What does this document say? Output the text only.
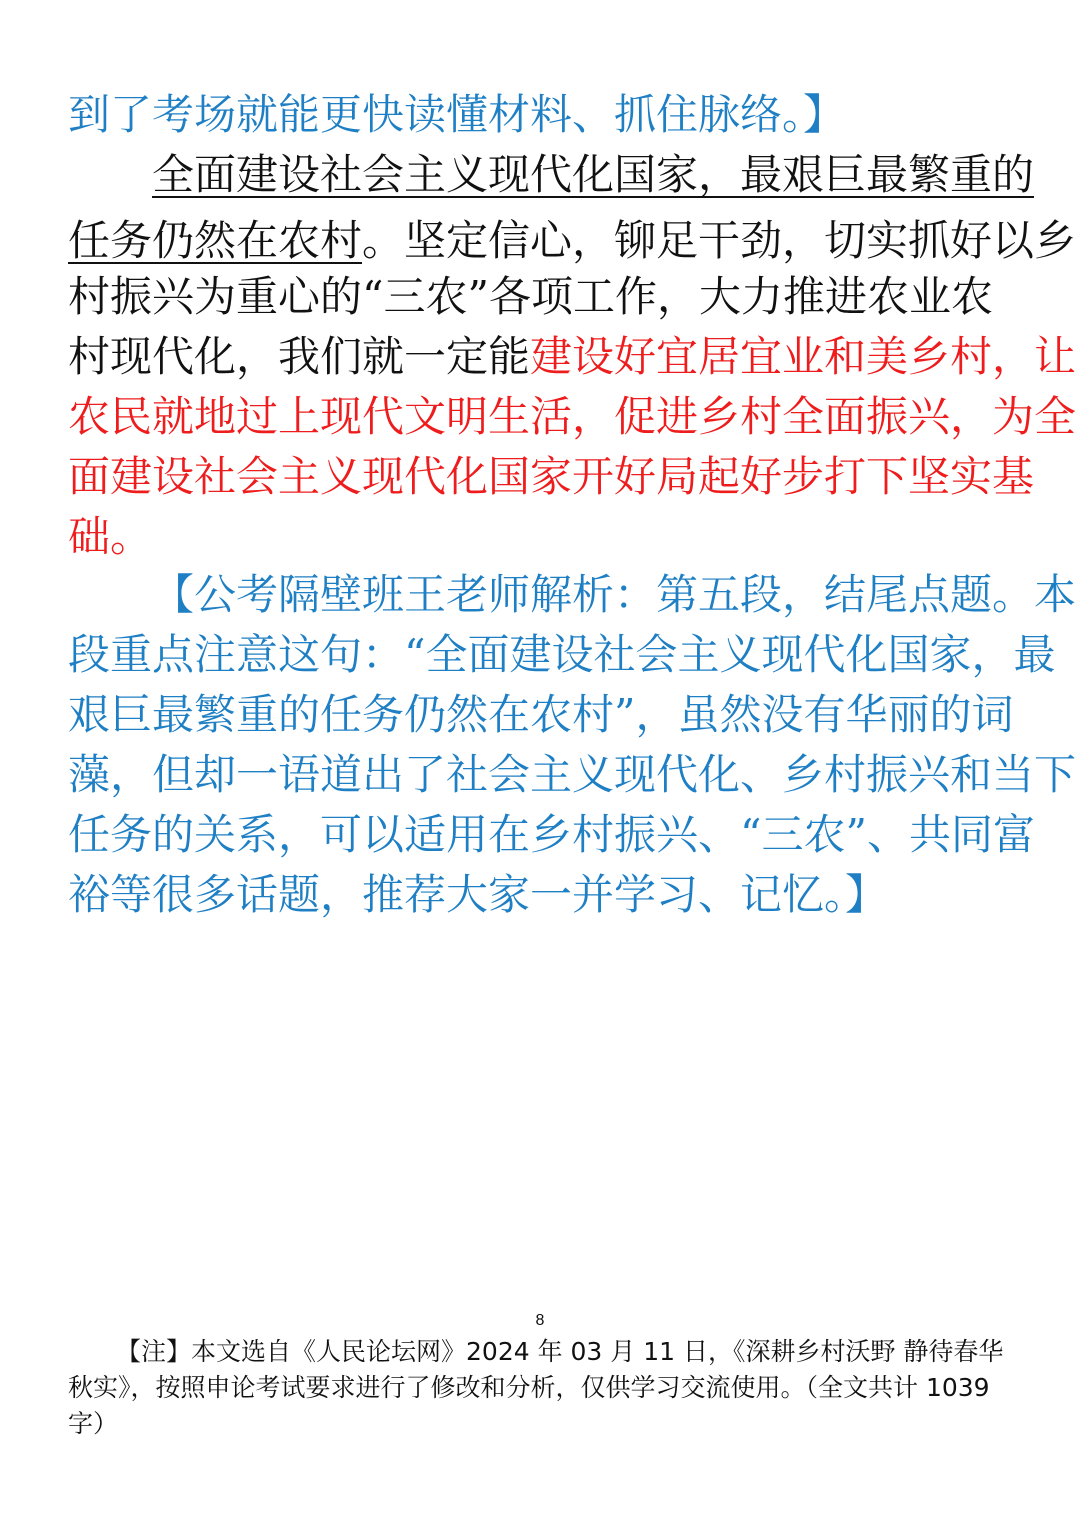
到了考场就能更快读懂材料、抓住脉络。】
全面建设社会主义现代化国家，最艰巨最繁重的
任务仍然在农村。坚定信心，铆足干劲，切实抓好以乡
村振兴为重心的“三农”各项工作，大力推进农业农
村现代化，我们就一定能建设好宜居宜业和美乡村，让
农民就地过上现代文明生活，促进乡村全面振兴，为全
面建设社会主义现代化国家开好局起好步打下坚实基
础。
【公考隔壁班王老师解析：第五段，结尾点题。本
段重点注意这句：“全面建设社会主义现代化国家，最
艰巨最繁重的任务仍然在农村”，虽然没有华丽的词
藻，但却一语道出了社会主义现代化、乡村振兴和当下
任务的关系，可以适用在乡村振兴、“三农”、共同富
裕等很多话题，推荐大家一并学习、记忆。】
8
【注】本文选自《人民论坛网》2024 年 03 月 11 日，《深耕乡村沃野 静待春华
秋实》，按照申论考试要求进行了修改和分析，仅供学习交流使用。（全文共计 1039
字）
